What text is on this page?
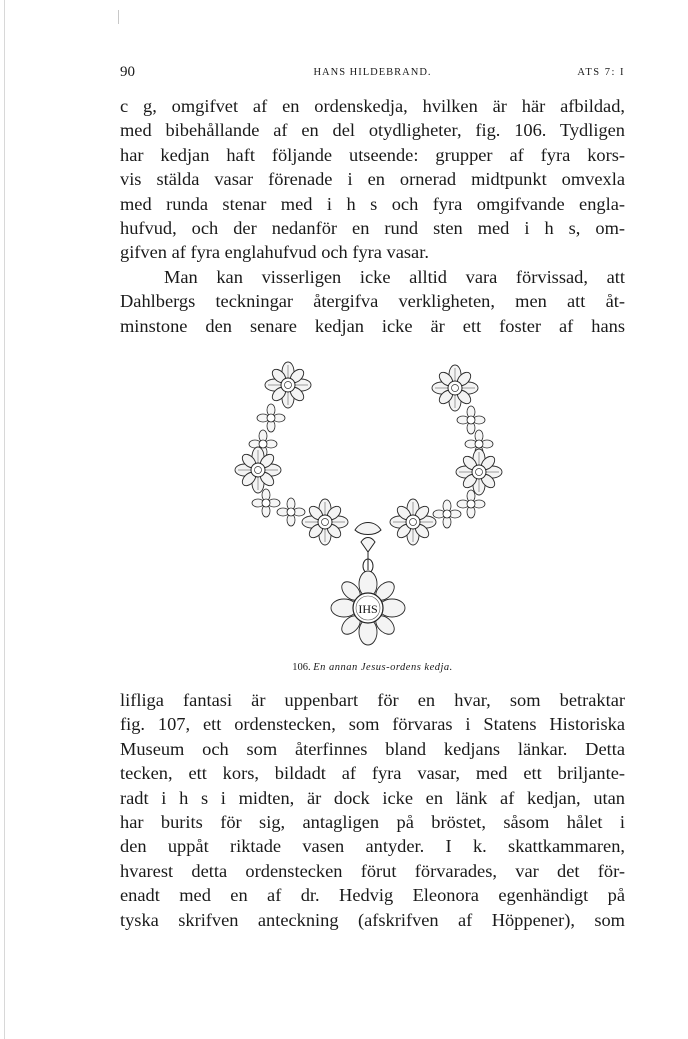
90	HANS HILDEBRAND.	ATS 7: I
c g, omgifvet af en ordenskedja, hvilken är här afbildad,
med bibehållande af en del otydligheter, fig. 106. Tydligen
har kedjan haft följande utseende: grupper af fyra kors-
vis stälda vasar förenade i en ornerad midtpunkt omvexla
med runda stenar med i h s och fyra omgifvande engla-
hufvud, och der nedanför en rund sten med i h s, om-
gifven af fyra englahufvud och fyra vasar.
Man kan visserligen icke alltid vara förvissad, att
Dahlbergs teckningar återgifva verkligheten, men att åt-
minstone den senare kedjan icke är ett foster af hans
IHS
106. En annan Jesus-ordens kedja.
lifliga fantasi är uppenbart för en hvar, som betraktar
fig. 107, ett ordenstecken, som förvaras i Statens Historiska
Museum och som återfinnes bland kedjans länkar. Detta
tecken, ett kors, bildadt af fyra vasar, med ett briljante-
radt i h s i midten, är dock icke en länk af kedjan, utan
har burits för sig, antagligen på bröstet, såsom hålet i
den uppåt riktade vasen antyder. I k. skattkammaren,
hvarest detta ordenstecken förut förvarades, var det för-
enadt med en af dr. Hedvig Eleonora egenhändigt på
tyska skrifven anteckning (afskrifven af Höppener), som
